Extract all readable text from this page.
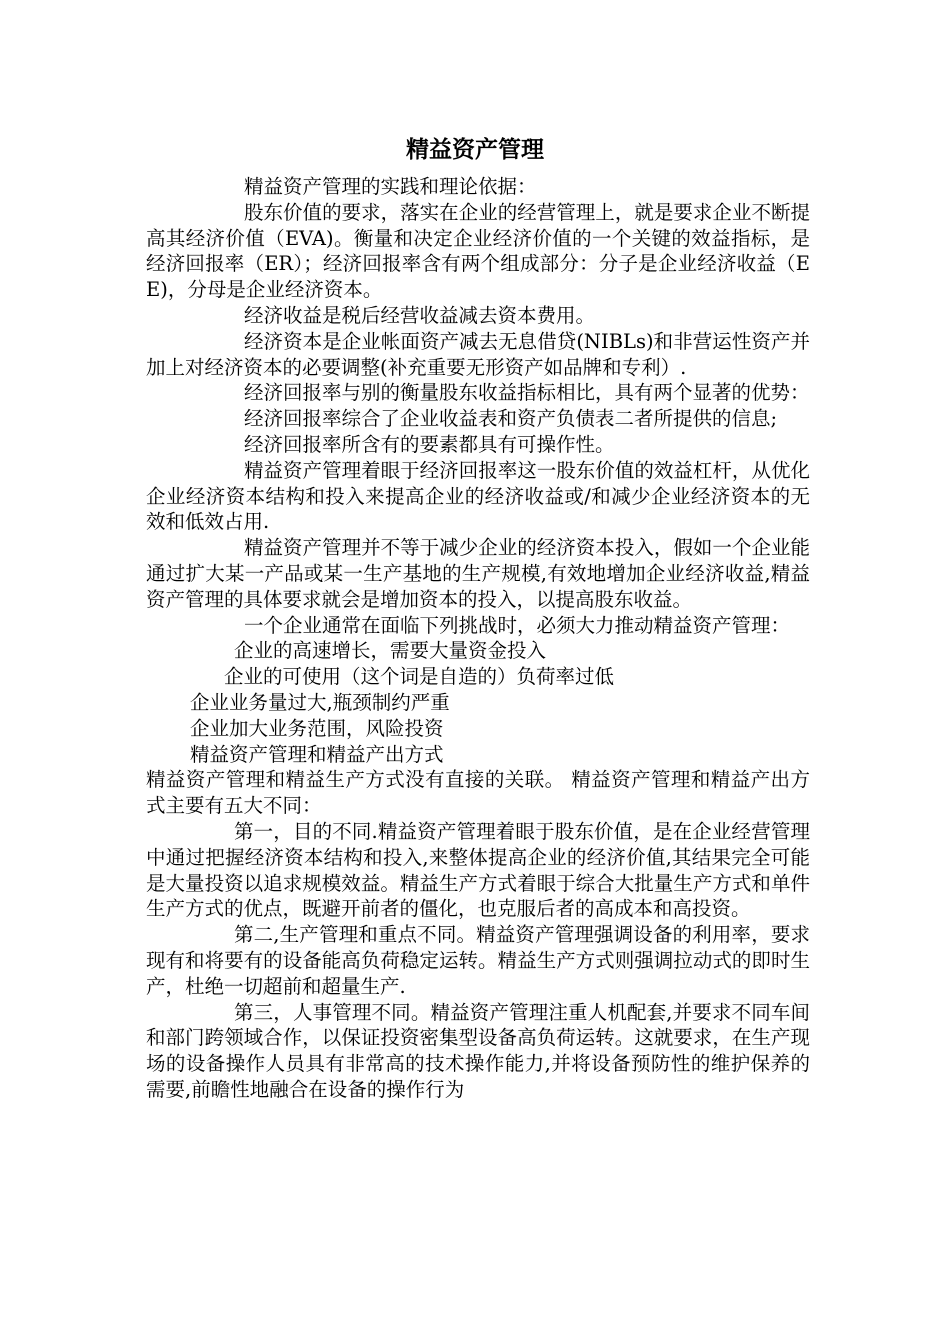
精益资产管理

精益资产管理的实践和理论依据：

股东价值的要求，落实在企业的经营管理上，就是要求企业不断提高其经济价值（EVA)。衡量和决定企业经济价值的一个关键的效益指标，是经济回报率（ER）；经济回报率含有两个组成部分：分子是企业经济收益（EE)，分母是企业经济资本。

经济收益是税后经营收益减去资本费用。

经济资本是企业帐面资产减去无息借贷(NIBLs)和非营运性资产并加上对经济资本的必要调整(补充重要无形资产如品牌和专利）.

经济回报率与别的衡量股东收益指标相比，具有两个显著的优势：

经济回报率综合了企业收益表和资产负债表二者所提供的信息;

经济回报率所含有的要素都具有可操作性。

精益资产管理着眼于经济回报率这一股东价值的效益杠杆，从优化企业经济资本结构和投入来提高企业的经济收益或/和减少企业经济资本的无效和低效占用.

精益资产管理并不等于减少企业的经济资本投入，假如一个企业能通过扩大某一产品或某一生产基地的生产规模,有效地增加企业经济收益,精益资产管理的具体要求就会是增加资本的投入，以提高股东收益。

一个企业通常在面临下列挑战时，必须大力推动精益资产管理：

企业的高速增长，需要大量资金投入

企业的可使用（这个词是自造的）负荷率过低

企业业务量过大,瓶颈制约严重

企业加大业务范围，风险投资

精益资产管理和精益产出方式

精益资产管理和精益生产方式没有直接的关联。 精益资产管理和精益产出方式主要有五大不同：

第一，目的不同.精益资产管理着眼于股东价值，是在企业经营管理中通过把握经济资本结构和投入,来整体提高企业的经济价值,其结果完全可能是大量投资以追求规模效益。精益生产方式着眼于综合大批量生产方式和单件生产方式的优点，既避开前者的僵化，也克服后者的高成本和高投资。

第二,生产管理和重点不同。精益资产管理强调设备的利用率，要求现有和将要有的设备能高负荷稳定运转。精益生产方式则强调拉动式的即时生产，杜绝一切超前和超量生产.

第三，人事管理不同。精益资产管理注重人机配套,并要求不同车间和部门跨领域合作，以保证投资密集型设备高负荷运转。这就要求，在生产现场的设备操作人员具有非常高的技术操作能力,并将设备预防性的维护保养的需要,前瞻性地融合在设备的操作行为
